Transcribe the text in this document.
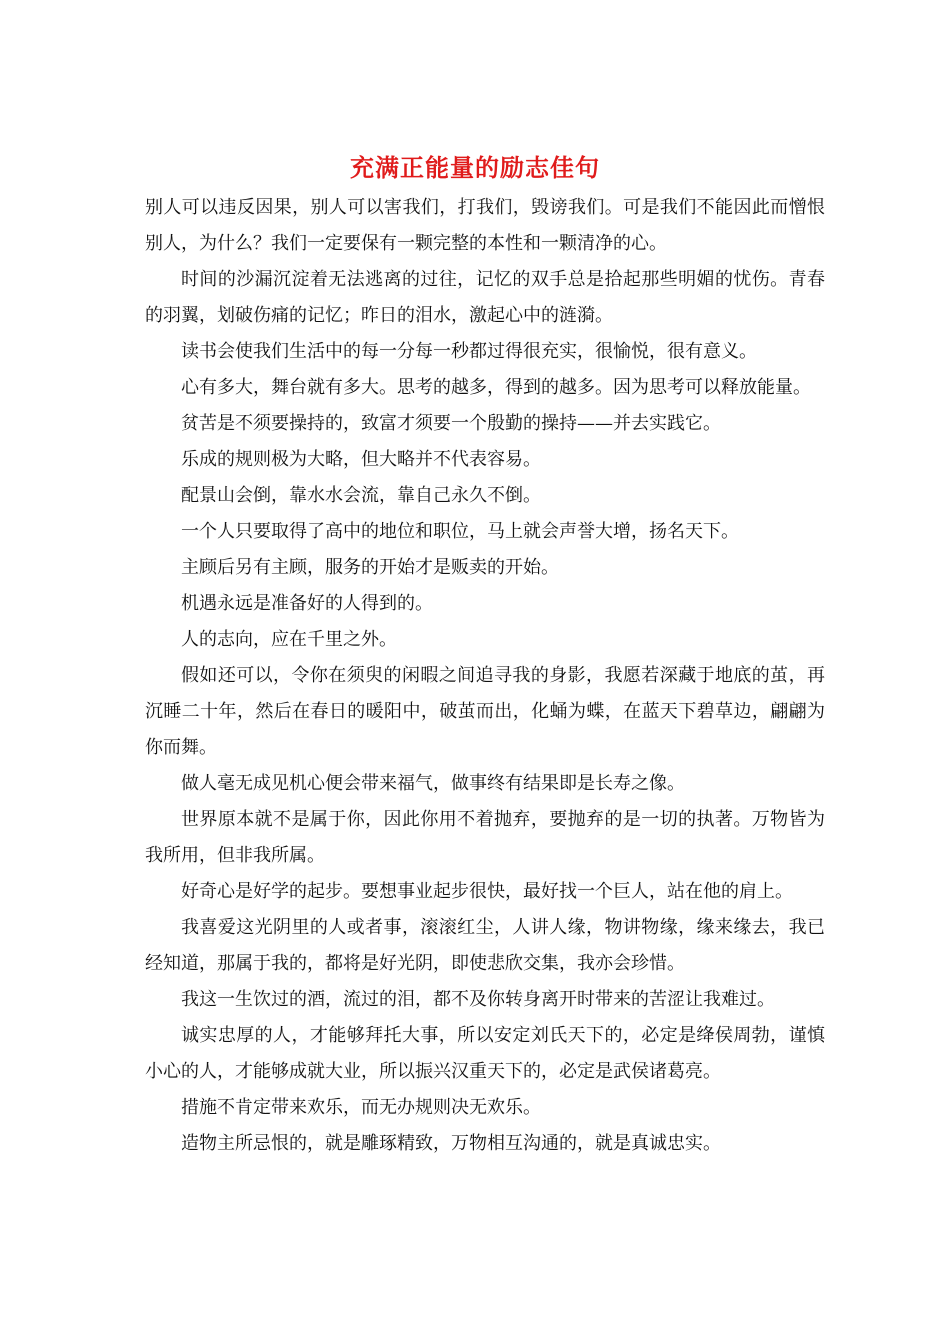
充满正能量的励志佳句

别人可以违反因果，别人可以害我们，打我们，毁谤我们。可是我们不能因此而憎恨别人，为什么？我们一定要保有一颗完整的本性和一颗清净的心。

时间的沙漏沉淀着无法逃离的过往，记忆的双手总是拾起那些明媚的忧伤。青春的羽翼，划破伤痛的记忆；昨日的泪水，激起心中的涟漪。

读书会使我们生活中的每一分每一秒都过得很充实，很愉悦，很有意义。

心有多大，舞台就有多大。思考的越多，得到的越多。因为思考可以释放能量。

贫苦是不须要操持的，致富才须要一个殷勤的操持——并去实践它。

乐成的规则极为大略，但大略并不代表容易。

配景山会倒，靠水水会流，靠自己永久不倒。

一个人只要取得了高中的地位和职位，马上就会声誉大增，扬名天下。

主顾后另有主顾，服务的开始才是贩卖的开始。

机遇永远是准备好的人得到的。

人的志向，应在千里之外。

假如还可以，令你在须臾的闲暇之间追寻我的身影，我愿若深藏于地底的茧，再沉睡二十年，然后在春日的暖阳中，破茧而出，化蛹为蝶，在蓝天下碧草边，翩翩为你而舞。

做人毫无成见机心便会带来福气，做事终有结果即是长寿之像。

世界原本就不是属于你，因此你用不着抛弃，要抛弃的是一切的执著。万物皆为我所用，但非我所属。

好奇心是好学的起步。要想事业起步很快，最好找一个巨人，站在他的肩上。

我喜爱这光阴里的人或者事，滚滚红尘，人讲人缘，物讲物缘，缘来缘去，我已经知道，那属于我的，都将是好光阴，即使悲欣交集，我亦会珍惜。

我这一生饮过的酒，流过的泪，都不及你转身离开时带来的苦涩让我难过。

诚实忠厚的人，才能够拜托大事，所以安定刘氏天下的，必定是绛侯周勃，谨慎小心的人，才能够成就大业，所以振兴汉重天下的，必定是武侯诸葛亮。

措施不肯定带来欢乐，而无办规则决无欢乐。

造物主所忌恨的，就是雕琢精致，万物相互沟通的，就是真诚忠实。
